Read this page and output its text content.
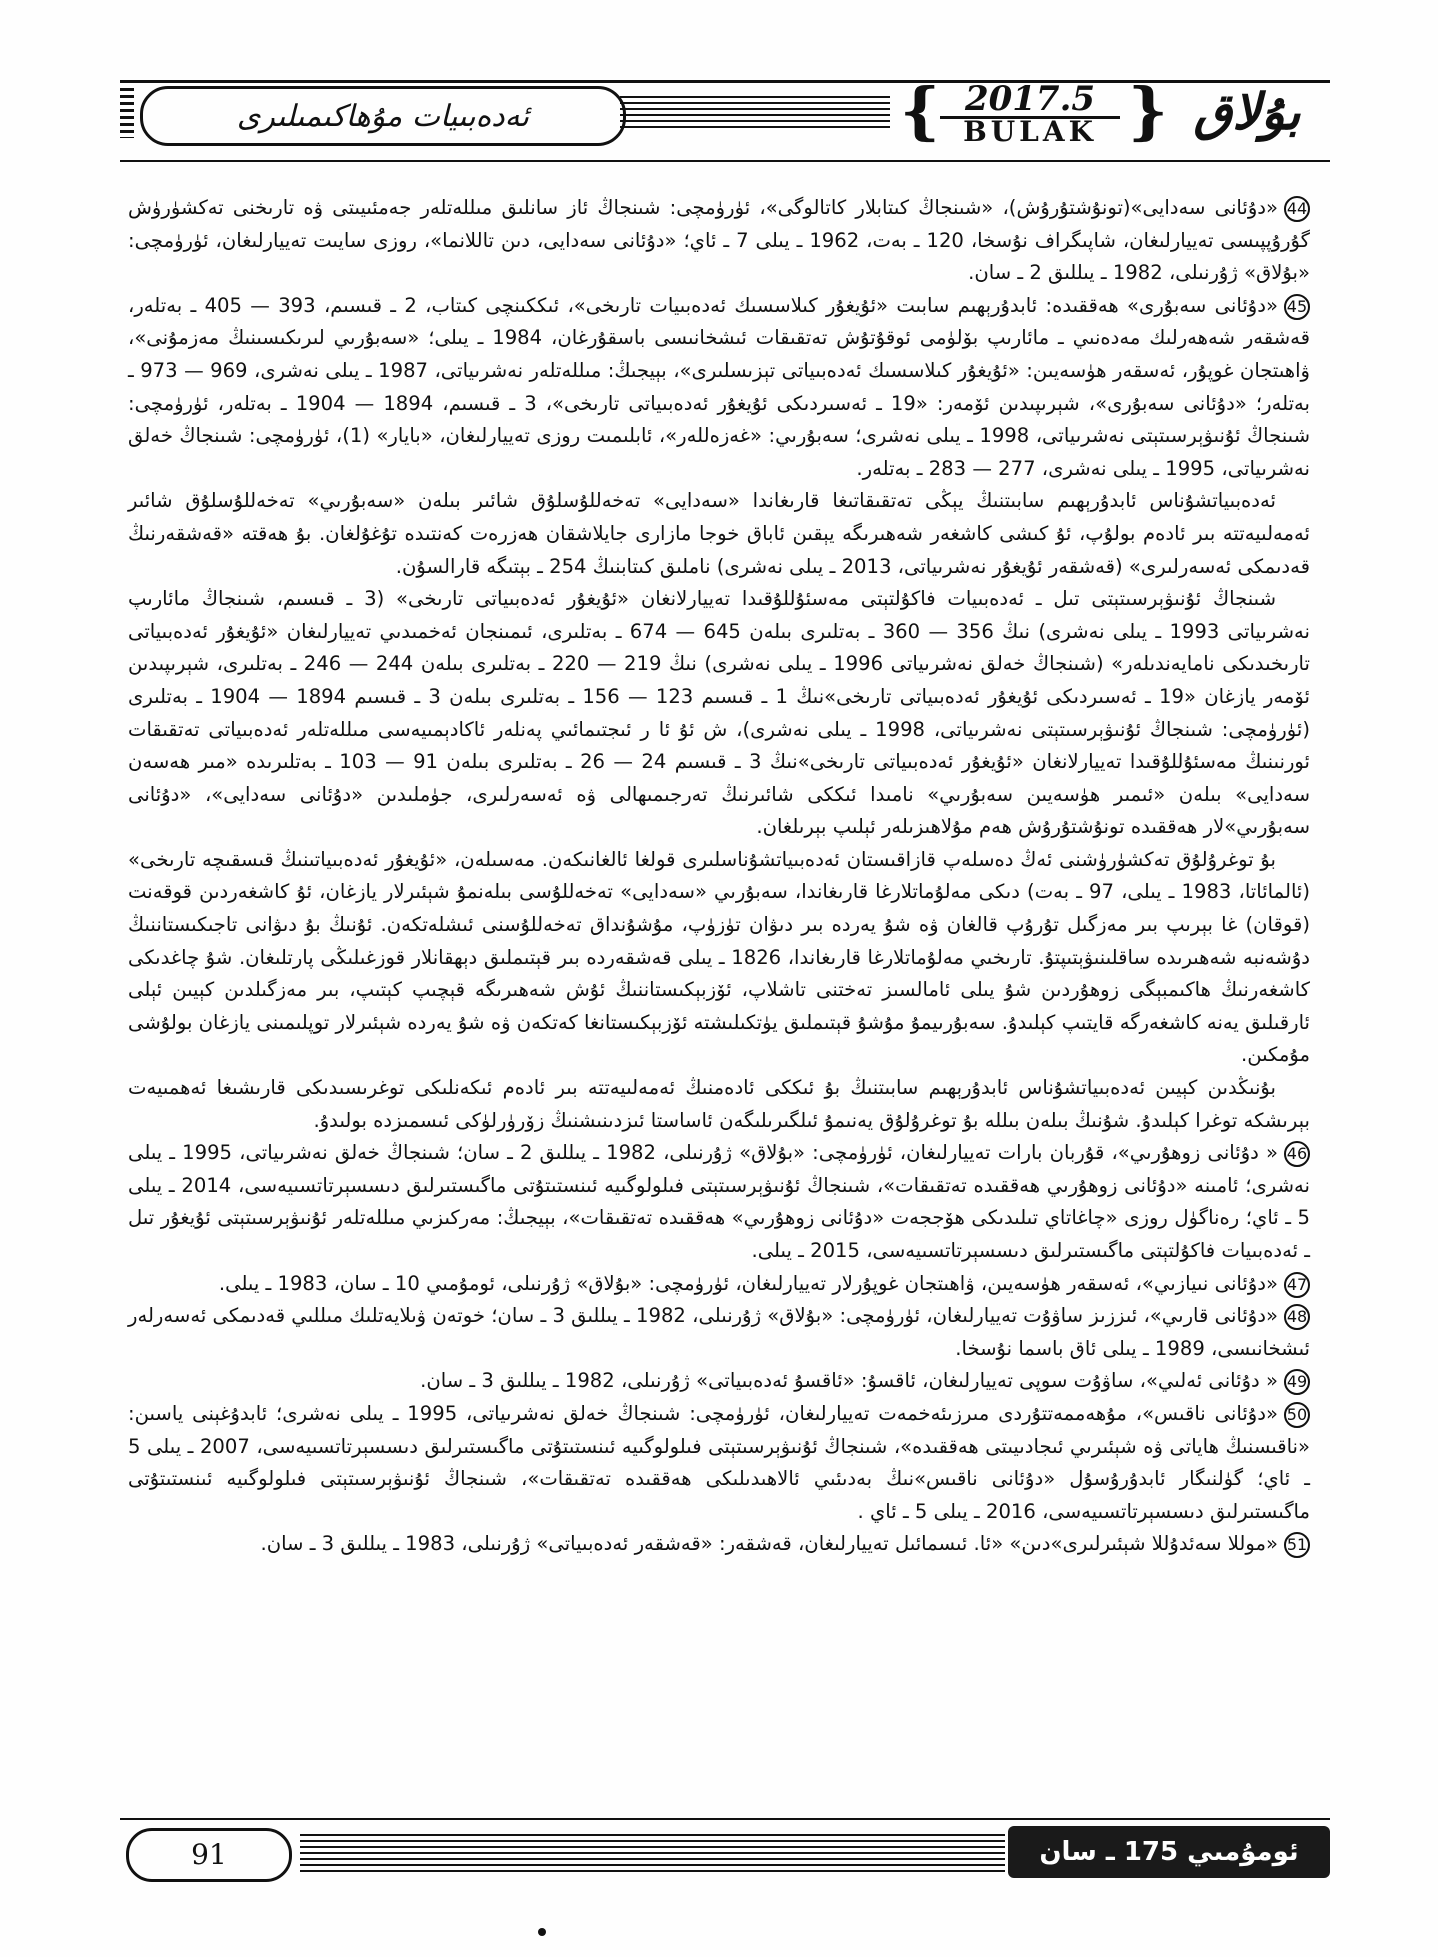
ئەدەبىيات مۇھاكىمىلىرى	{ 2017.5
BULAK } بۇلاق

44«دۇئانى سەدايى»(تونۇشتۇرۇش)، «شىنجاڭ كىتابلار كاتالوگى»، ئۈرۈمچى: شىنجاڭ ئاز سانلىق مىللەتلەر جەمئىيىتى ۋە تارىخنى تەكشۈرۈش گۇرۇپپىسى تەييارلىغان، شاپىگراف نۇسخا، 120 ـ بەت، 1962 ـ يىلى 7 ـ ئاي؛ «دۇئانى سەدايى، دىن تاللانما»، روزى سايىت تەييارلىغان، ئۈرۈمچى: «بۇلاق» ژۇرنىلى، 1982 ـ يىللىق 2 ـ سان.

45«دۇئانى سەبۇرى» ھەققىدە: ئابدۇرېھىم سابىت «ئۇيغۇر كىلاسسىك ئەدەبىيات تارىخى»، ئىككىنچى كىتاب، 2 ـ قىسىم، 393 — 405 ـ بەتلەر، قەشقەر شەھەرلىك مەدەنىي ـ مائارىپ بۆلۈمى ئوقۇتۇش تەتقىقات ئىشخانىسى باسقۇرغان، 1984 ـ يىلى؛ «سەبۇرىي لىرىكىسىنىڭ مەزمۇنى»، ۋاھىتجان غوپۇر، ئەسقەر ھۈسەيىن: «ئۇيغۇر كىلاسسىك ئەدەبىياتى تېزىسلىرى»، بېيجىڭ: مىللەتلەر نەشرىياتى، 1987 ـ يىلى نەشرى، 969 — 973 ـ بەتلەر؛ «دۇئانى سەبۇرى»، شېرىپىدىن ئۆمەر: «19 ـ ئەسىردىكى ئۇيغۇر ئەدەبىياتى تارىخى»، 3 ـ قىسىم، 1894 — 1904 ـ بەتلەر، ئۈرۈمچى: شىنجاڭ ئۇنىۋېرسىتېتى نەشرىياتى، 1998 ـ يىلى نەشرى؛ سەبۇرىي: «غەزەللەر»، ئابلىمىت روزى تەييارلىغان، «بايار» (1)، ئۈرۈمچى: شىنجاڭ خەلق نەشرىياتى، 1995 ـ يىلى نەشرى، 277 — 283 ـ بەتلەر.

ئەدەبىياتشۇناس ئابدۇرېھىم سابىتنىڭ يېڭى تەتقىقاتىغا قارىغاندا «سەدايى» تەخەللۇسلۇق شائىر بىلەن «سەبۇرىي» تەخەللۇسلۇق شائىر ئەمەلىيەتتە بىر ئادەم بولۇپ، ئۇ كىشى كاشغەر شەھىرىگە يېقىن ئاباق خوجا مازارى جايلاشقان ھەزرەت كەنتىدە تۇغۇلغان. بۇ ھەقتە «قەشقەرنىڭ قەدىمكى ئەسەرلىرى» (قەشقەر ئۇيغۇر نەشرىياتى، 2013 ـ يىلى نەشرى) ناملىق كىتابنىڭ 254 ـ بېتىگە قارالسۇن.

شىنجاڭ ئۇنىۋېرسىتېتى تىل ـ ئەدەبىيات فاكۇلتېتى مەسئۇللۇقىدا تەييارلانغان «ئۇيغۇر ئەدەبىياتى تارىخى» (3 ـ قىسىم، شىنجاڭ مائارىپ نەشرىياتى 1993 ـ يىلى نەشرى) نىڭ 356 — 360 ـ بەتلىرى بىلەن 645 — 674 ـ بەتلىرى، ئىمىنجان ئەخمىدىي تەييارلىغان «ئۇيغۇر ئەدەبىياتى تارىخىدىكى نامايەندىلەر» (شىنجاڭ خەلق نەشرىياتى 1996 ـ يىلى نەشرى) نىڭ 219 — 220 ـ بەتلىرى بىلەن 244 — 246 ـ بەتلىرى، شېرىپىدىن ئۆمەر يازغان «19 ـ ئەسىردىكى ئۇيغۇر ئەدەبىياتى تارىخى»نىڭ 1 ـ قىسىم 123 — 156 ـ بەتلىرى بىلەن 3 ـ قىسىم 1894 — 1904 ـ بەتلىرى (ئۈرۈمچى: شىنجاڭ ئۇنىۋېرسىتېتى نەشرىياتى، 1998 ـ يىلى نەشرى)، ش ئۇ ئا ر ئىجتىمائىي پەنلەر ئاكادېمىيەسى مىللەتلەر ئەدەبىياتى تەتقىقات ئورنىنىڭ مەسئۇللۇقىدا تەييارلانغان «ئۇيغۇر ئەدەبىياتى تارىخى»نىڭ 3 ـ قىسىم 24 — 26 ـ بەتلىرى بىلەن 91 — 103 ـ بەتلىرىدە «مىر ھەسەن سەدايى» بىلەن «ئىمىر ھۈسەيىن سەبۇرىي» نامىدا ئىككى شائىرنىڭ تەرجىمىھالى ۋە ئەسەرلىرى، جۈملىدىن «دۇئانى سەدايى»، «دۇئانى سەبۇرىي»لار ھەققىدە تونۇشتۇرۇش ھەم مۇلاھىزىلەر ئېلىپ بېرىلغان.

بۇ توغرۇلۇق تەكشۈرۈشنى ئەڭ دەسلەپ قازاقىستان ئەدەبىياتشۇناسلىرى قولغا ئالغانىكەن. مەسىلەن، «ئۇيغۇر ئەدەبىياتىنىڭ قىسقىچە تارىخى» (ئالمائاتا، 1983 ـ يىلى، 97 ـ بەت) دىكى مەلۇماتلارغا قارىغاندا، سەبۇرىي «سەدايى» تەخەللۇسى بىلەنمۇ شېئىرلار يازغان، ئۇ كاشغەردىن قوقەنت (قوقان) غا بېرىپ بىر مەزگىل تۇرۇپ قالغان ۋە شۇ يەردە بىر دىۋان تۈزۈپ، مۇشۇنداق تەخەللۇسنى ئىشلەتكەن. ئۇنىڭ بۇ دىۋانى تاجىكىستاننىڭ دۇشەنبە شەھىرىدە ساقلىنىۋېتىپتۇ. تارىخىي مەلۇماتلارغا قارىغاندا، 1826 ـ يىلى قەشقەردە بىر قېتىملىق دېھقانلار قوزغىلىڭى پارتلىغان. شۇ چاغدىكى كاشغەرنىڭ ھاكىمبېگى زوھۇردىن شۇ يىلى ئامالسىز تەختنى تاشلاپ، ئۆزبېكىستاننىڭ ئۇش شەھىرىگە قېچىپ كېتىپ، بىر مەزگىلدىن كېيىن ئېلى ئارقىلىق يەنە كاشغەرگە قايتىپ كېلىدۇ. سەبۇرىيمۇ مۇشۇ قېتىملىق يۈتكىلىشتە ئۆزبېكىستانغا كەتكەن ۋە شۇ يەردە شېئىرلار توپلىمىنى يازغان بولۇشى مۇمكىن.

بۇنىڭدىن كېيىن ئەدەبىياتشۇناس ئابدۇرېھىم سابىتنىڭ بۇ ئىككى ئادەمنىڭ ئەمەلىيەتتە بىر ئادەم ئىكەنلىكى توغرىسىدىكى قارىشىغا ئەھمىيەت بېرىشكە توغرا كېلىدۇ. شۇنىڭ بىلەن بىللە بۇ توغرۇلۇق يەنىمۇ ئىلگىرىلىگەن ئاساستا ئىزدىنىشنىڭ زۆرۈرلۈكى ئىسمىزدە بولىدۇ.

46« دۇئانى زوھۇرىي»، قۇربان بارات تەييارلىغان، ئۈرۈمچى: «بۇلاق» ژۇرنىلى، 1982 ـ يىللىق 2 ـ سان؛ شىنجاڭ خەلق نەشرىياتى، 1995 ـ يىلى نەشرى؛ ئامىنە «دۇئانى زوھۇرىي ھەققىدە تەتقىقات»، شىنجاڭ ئۇنىۋېرسىتېتى فىلولوگىيە ئىنستىتۇتى ماگىستىرلىق دىسسېرتاتسىيەسى، 2014 ـ يىلى 5 ـ ئاي؛ رەناگۈل روزى «چاغاتاي تىلىدىكى ھۆججەت «دۇئانى زوھۇرىي» ھەققىدە تەتقىقات»، بېيجىڭ: مەركىزىي مىللەتلەر ئۇنىۋېرسىتېتى ئۇيغۇر تىل ـ ئەدەبىيات فاكۇلتېتى ماگىستىرلىق دىسسېرتاتسىيەسى، 2015 ـ يىلى.

47«دۇئانى نىيازىي»، ئەسقەر ھۈسەيىن، ۋاھىتجان غوپۇرلار تەييارلىغان، ئۈرۈمچى: «بۇلاق» ژۇرنىلى، ئومۇمىي 10 ـ سان، 1983 ـ يىلى.

48«دۇئانى قارىي»، ئىززىز ساۋۇت تەييارلىغان، ئۈرۈمچى: «بۇلاق» ژۇرنىلى، 1982 ـ يىللىق 3 ـ سان؛ خوتەن ۋىلايەتلىك مىللىي قەدىمكى ئەسەرلەر ئىشخانىسى، 1989 ـ يىلى ئاق باسما نۇسخا.

49« دۇئانى ئەلىي»، ساۋۇت سوپى تەييارلىغان، ئاقسۇ: «ئاقسۇ ئەدەبىياتى» ژۇرنىلى، 1982 ـ يىللىق 3 ـ سان.

50«دۇئانى ناقىس»، مۇھەممەتتۇردى مىرزىئەخمەت تەييارلىغان، ئۈرۈمچى: شىنجاڭ خەلق نەشرىياتى، 1995 ـ يىلى نەشرى؛ ئابدۇغېنى ياسىن: «ناقىسنىڭ ھاياتى ۋە شېئىرىي ئىجادىيىتى ھەققىدە»، شىنجاڭ ئۇنىۋېرسىتېتى فىلولوگىيە ئىنستىتۇتى ماگىستىرلىق دىسسېرتاتسىيەسى، 2007 ـ يىلى 5 ـ ئاي؛ گۈلنىگار ئابدۇرۇسۇل «دۇئانى ناقىس»نىڭ بەدىئىي ئالاھىدىلىكى ھەققىدە تەتقىقات»، شىنجاڭ ئۇنىۋېرسىتېتى فىلولوگىيە ئىنستىتۇتى ماگىستىرلىق دىسسېرتاتسىيەسى، 2016 ـ يىلى 5 ـ ئاي .

51«موللا سەئدۇللا شېئىرلىرى»دىن» «ئا. ئىسمائىل تەييارلىغان، قەشقەر: «قەشقەر ئەدەبىياتى» ژۇرنىلى، 1983 ـ يىللىق 3 ـ سان.

91	ئومۇمىي 175 ـ سان
